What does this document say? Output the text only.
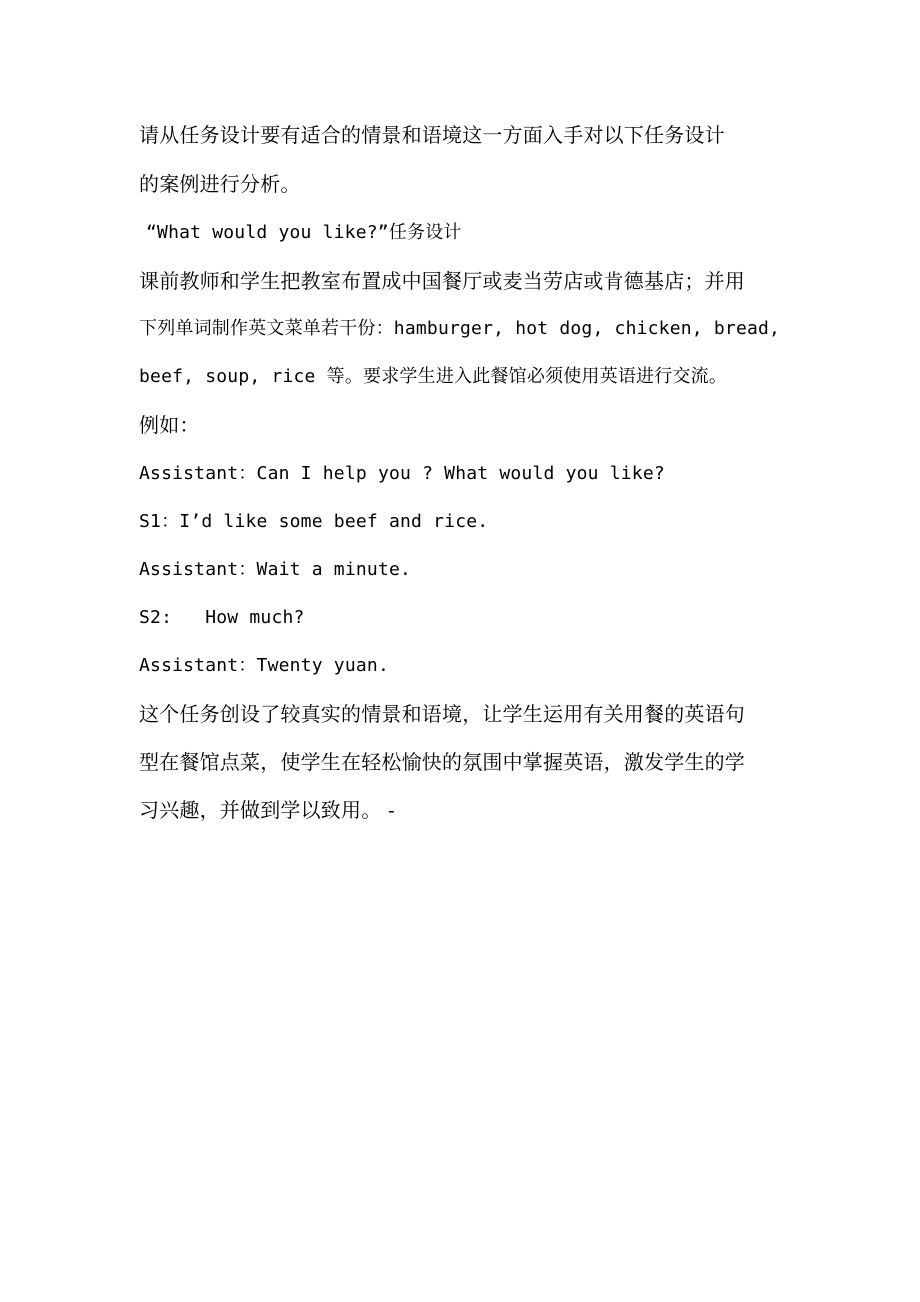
请从任务设计要有适合的情景和语境这一方面入手对以下任务设计
的案例进行分析。
“What would you like?”任务设计
课前教师和学生把教室布置成中国餐厅或麦当劳店或肯德基店；并用
下列单词制作英文菜单若干份：hamburger, hot dog, chicken, bread,
beef, soup, rice 等。要求学生进入此餐馆必须使用英语进行交流。
例如：
Assistant：Can I help you ? What would you like?
S1：I’d like some beef and rice.
Assistant：Wait a minute.
S2:   How much?
Assistant：Twenty yuan.
这个任务创设了较真实的情景和语境，让学生运用有关用餐的英语句
型在餐馆点菜，使学生在轻松愉快的氛围中掌握英语，激发学生的学
习兴趣，并做到学以致用。 -
